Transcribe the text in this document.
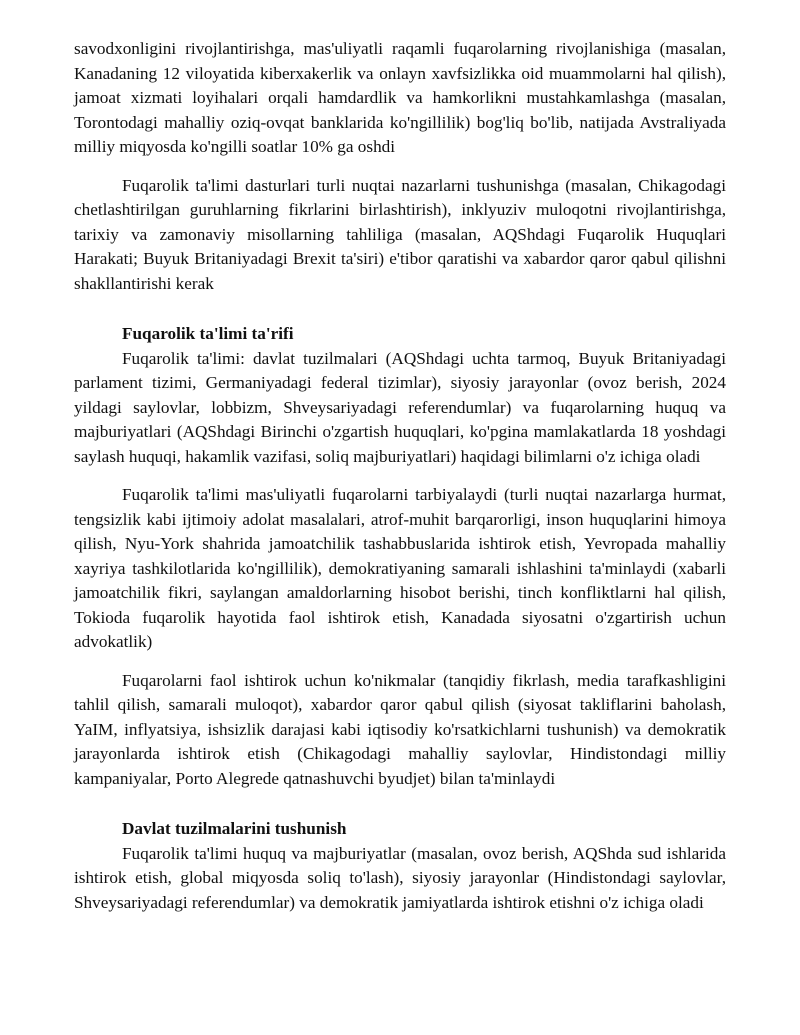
savodxonligini rivojlantirishga, mas'uliyatli raqamli fuqarolarning rivojlanishiga (masalan, Kanadaning 12 viloyatida kiberxakerlik va onlayn xavfsizlikka oid muammolarni hal qilish), jamoat xizmati loyihalari orqali hamdardlik va hamkorlikni mustahkamlashga (masalan, Torontodagi mahalliy oziq-ovqat banklarida ko'ngillilik) bog'liq bo'lib, natijada Avstraliyada milliy miqyosda ko'ngilli soatlar 10% ga oshdi

Fuqarolik ta'limi dasturlari turli nuqtai nazarlarni tushunishga (masalan, Chikagodagi chetlashtirilgan guruhlarning fikrlarini birlashtirish), inklyuziv muloqotni rivojlantirishga, tarixiy va zamonaviy misollarning tahliliga (masalan, AQShdagi Fuqarolik Huquqlari Harakati; Buyuk Britaniyadagi Brexit ta'siri) e'tibor qaratishi va xabardor qaror qabul qilishni shakllantirishi kerak

Fuqarolik ta'limi ta'rifi

Fuqarolik ta'limi: davlat tuzilmalari (AQShdagi uchta tarmoq, Buyuk Britaniyadagi parlament tizimi, Germaniyadagi federal tizimlar), siyosiy jarayonlar (ovoz berish, 2024 yildagi saylovlar, lobbizm, Shveysariyadagi referendumlar) va fuqarolarning huquq va majburiyatlari (AQShdagi Birinchi o'zgartish huquqlari, ko'pgina mamlakatlarda 18 yoshdagi saylash huquqi, hakamlik vazifasi, soliq majburiyatlari) haqidagi bilimlarni o'z ichiga oladi

Fuqarolik ta'limi mas'uliyatli fuqarolarni tarbiyalaydi (turli nuqtai nazarlarga hurmat, tengsizlik kabi ijtimoiy adolat masalalari, atrof-muhit barqarorligi, inson huquqlarini himoya qilish, Nyu-York shahrida jamoatchilik tashabbuslarida ishtirok etish, Yevropada mahalliy xayriya tashkilotlarida ko'ngillilik), demokratiyaning samarali ishlashini ta'minlaydi (xabarli jamoatchilik fikri, saylangan amaldorlarning hisobot berishi, tinch konfliktlarni hal qilish, Tokioda fuqarolik hayotida faol ishtirok etish, Kanadada siyosatni o'zgartirish uchun advokatlik)

Fuqarolarni faol ishtirok uchun ko'nikmalar (tanqidiy fikrlash, media tarafkashligini tahlil qilish, samarali muloqot), xabardor qaror qabul qilish (siyosat takliflarini baholash, YaIM, inflyatsiya, ishsizlik darajasi kabi iqtisodiy ko'rsatkichlarni tushunish) va demokratik jarayonlarda ishtirok etish (Chikagodagi mahalliy saylovlar, Hindistondagi milliy kampaniyalar, Porto Alegrede qatnashuvchi byudjet) bilan ta'minlaydi

Davlat tuzilmalarini tushunish

Fuqarolik ta'limi huquq va majburiyatlar (masalan, ovoz berish, AQShda sud ishlarida ishtirok etish, global miqyosda soliq to'lash), siyosiy jarayonlar (Hindistondagi saylovlar, Shveysariyadagi referendumlar) va demokratik jamiyatlarda ishtirok etishni o'z ichiga oladi
